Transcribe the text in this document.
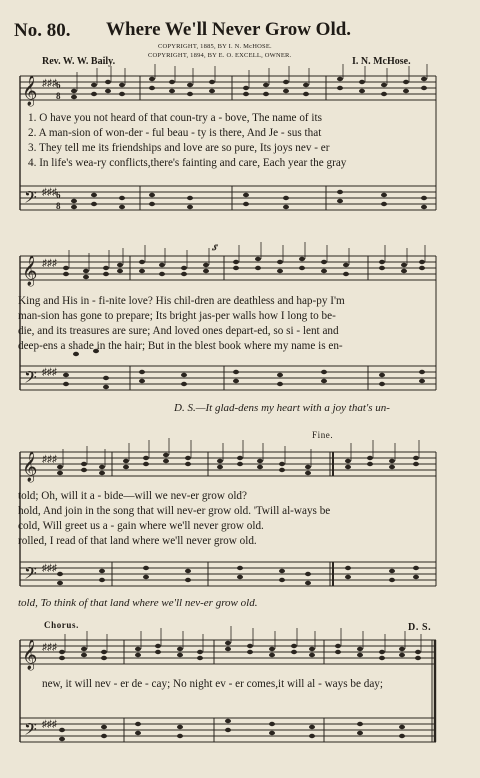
No. 80. Where We'll Never Grow Old.
COPYRIGHT, 1885, BY I. N. McHOSE.
COPYRIGHT, 1894, BY E. O. EXCELL, OWNER.
Rev. W. W. Baily.	I. N. McHose.
𝄞
𝄢
♯♯♯
♯♯♯
6
8
6
8
1. O have you not heard of that coun-try a - bove, The name of its
2. A man-sion of won-der - ful beau - ty is there, And Je - sus that
3. They tell me its friendships and love are so pure, Its joys nev - er
4. In life's wea-ry conflicts,there's fainting and care, Each year the gray
𝄞
𝄢
♯♯♯
♯♯♯
𝆍
King and His in - fi-nite love? His chil-dren are deathless and hap-py I'm
man-sion has gone to prepare; Its bright jas-per walls how I long to be-
die, and its treasures are sure; And loved ones depart-ed, so si - lent and
deep-ens a shade in the hair; But in the blest book where my name is en-
D. S.—It glad-dens my heart with a joy that's un-
Fine.
𝄞
𝄢
♯♯♯
♯♯♯
told; Oh, will it a - bide—will we nev-er grow old?
hold, And join in the song that will nev-er grow old. 'Twill al-ways be
cold, Will greet us a - gain where we'll never grow old.
rolled, I read of that land where we'll never grow old.
told, To think of that land where we'll nev-er grow old.
Chorus.	D. S.
𝄞
𝄢
♯♯♯
♯♯♯
new, it will nev - er de - cay; No night ev - er comes,it will al - ways be day;
